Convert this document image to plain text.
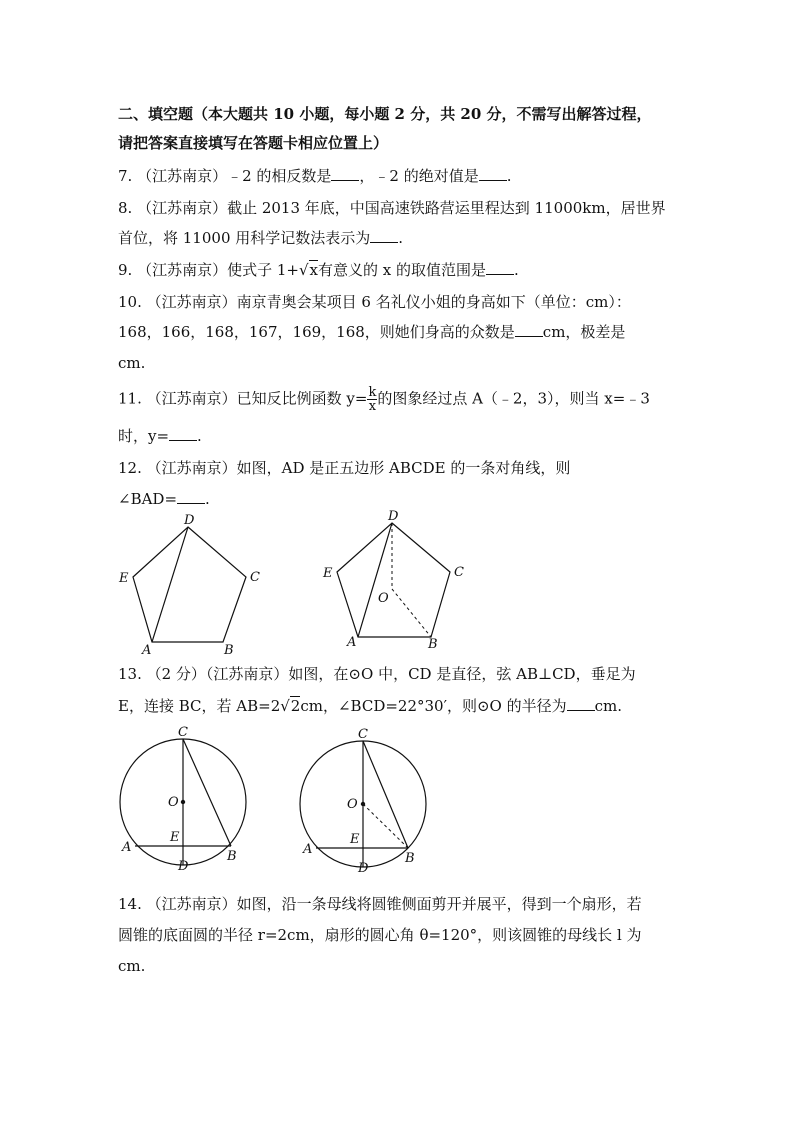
二、填空题（本大题共 10 小题，每小题 2 分，共 20 分，不需写出解答过程，
请把答案直接填写在答题卡相应位置上）
7. （江苏南京）﹣2 的相反数是 ，﹣2 的绝对值是 .
8. （江苏南京）截止 2013 年底，中国高速铁路营运里程达到 11000km，居世界
首位，将 11000 用科学记数法表示为 .
9. （江苏南京）使式子 1+√x有意义的 x 的取值范围是 .
10. （江苏南京）南京青奥会某项目 6 名礼仪小姐的身高如下（单位：cm）：
168，166，168，167，169，168，则她们身高的众数是 cm，极差是
cm.
11. （江苏南京）已知反比例函数 $y= \frac{k}{x}$ 的图象经过点 A（﹣2，3），则当 x=﹣3
时，y= .
12. （江苏南京）如图，AD 是正五边形 ABCDE 的一条对角线，则
∠BAD= .
D
C
E
A	B
D
C
E
O
A	B
13. （2 分）（江苏南京）如图，在⊙O 中，CD 是直径，弦 AB⊥CD，垂足为
E，连接 BC，若 AB=2√2cm，∠BCD=22°30′，则⊙O 的半径为 cm.
C
O
E
A
B
D
C
O
E
A
B
D
14. （江苏南京）如图，沿一条母线将圆锥侧面剪开并展平，得到一个扇形，若
圆锥的底面圆的半径 r=2cm，扇形的圆心角 θ=120°，则该圆锥的母线长 l 为
cm.
